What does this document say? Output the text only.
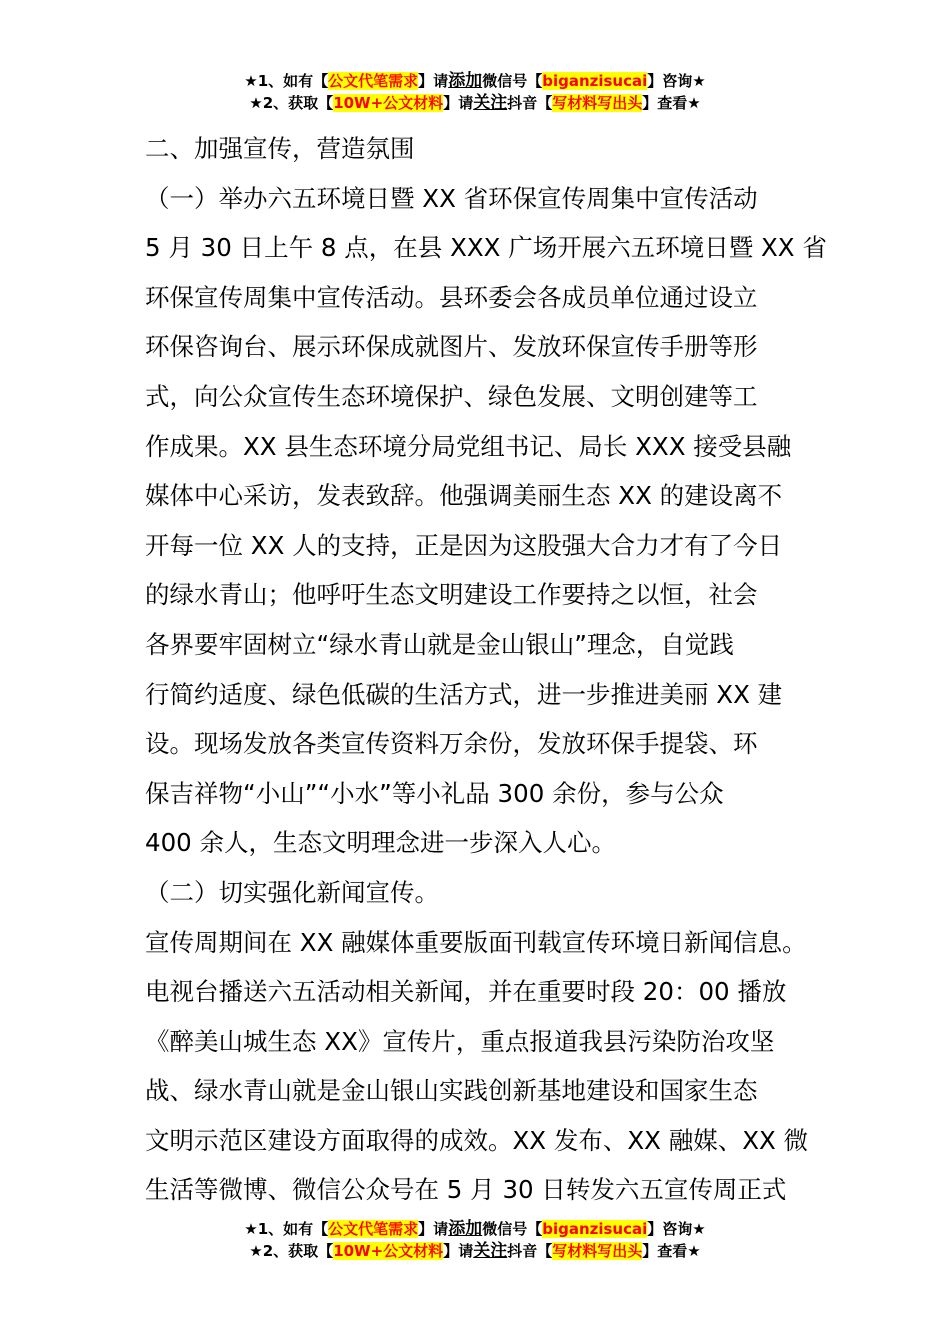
★1、如有【公文代笔需求】请添加微信号【biganzisucai】咨询★
★2、获取【10W+公文材料】请关注抖音【写材料写出头】查看★

二、加强宣传，营造氛围

（一）举办六五环境日暨 XX 省环保宣传周集中宣传活动

5 月 30 日上午 8 点，在县 XXX 广场开展六五环境日暨 XX 省

环保宣传周集中宣传活动。县环委会各成员单位通过设立

环保咨询台、展示环保成就图片、发放环保宣传手册等形

式，向公众宣传生态环境保护、绿色发展、文明创建等工

作成果。XX 县生态环境分局党组书记、局长 XXX 接受县融

媒体中心采访，发表致辞。他强调美丽生态 XX 的建设离不

开每一位 XX 人的支持，正是因为这股强大合力才有了今日

的绿水青山；他呼吁生态文明建设工作要持之以恒，社会

各界要牢固树立“绿水青山就是金山银山”理念，自觉践

行简约适度、绿色低碳的生活方式，进一步推进美丽 XX 建

设。现场发放各类宣传资料万余份，发放环保手提袋、环

保吉祥物“小山”“小水”等小礼品 300 余份，参与公众

400 余人，生态文明理念进一步深入人心。

（二）切实强化新闻宣传。

宣传周期间在 XX 融媒体重要版面刊载宣传环境日新闻信息。

电视台播送六五活动相关新闻，并在重要时段 20：00 播放

《醉美山城生态 XX》宣传片，重点报道我县污染防治攻坚

战、绿水青山就是金山银山实践创新基地建设和国家生态

文明示范区建设方面取得的成效。XX 发布、XX 融媒、XX 微

生活等微博、微信公众号在 5 月 30 日转发六五宣传周正式

★1、如有【公文代笔需求】请添加微信号【biganzisucai】咨询★
★2、获取【10W+公文材料】请关注抖音【写材料写出头】查看★
